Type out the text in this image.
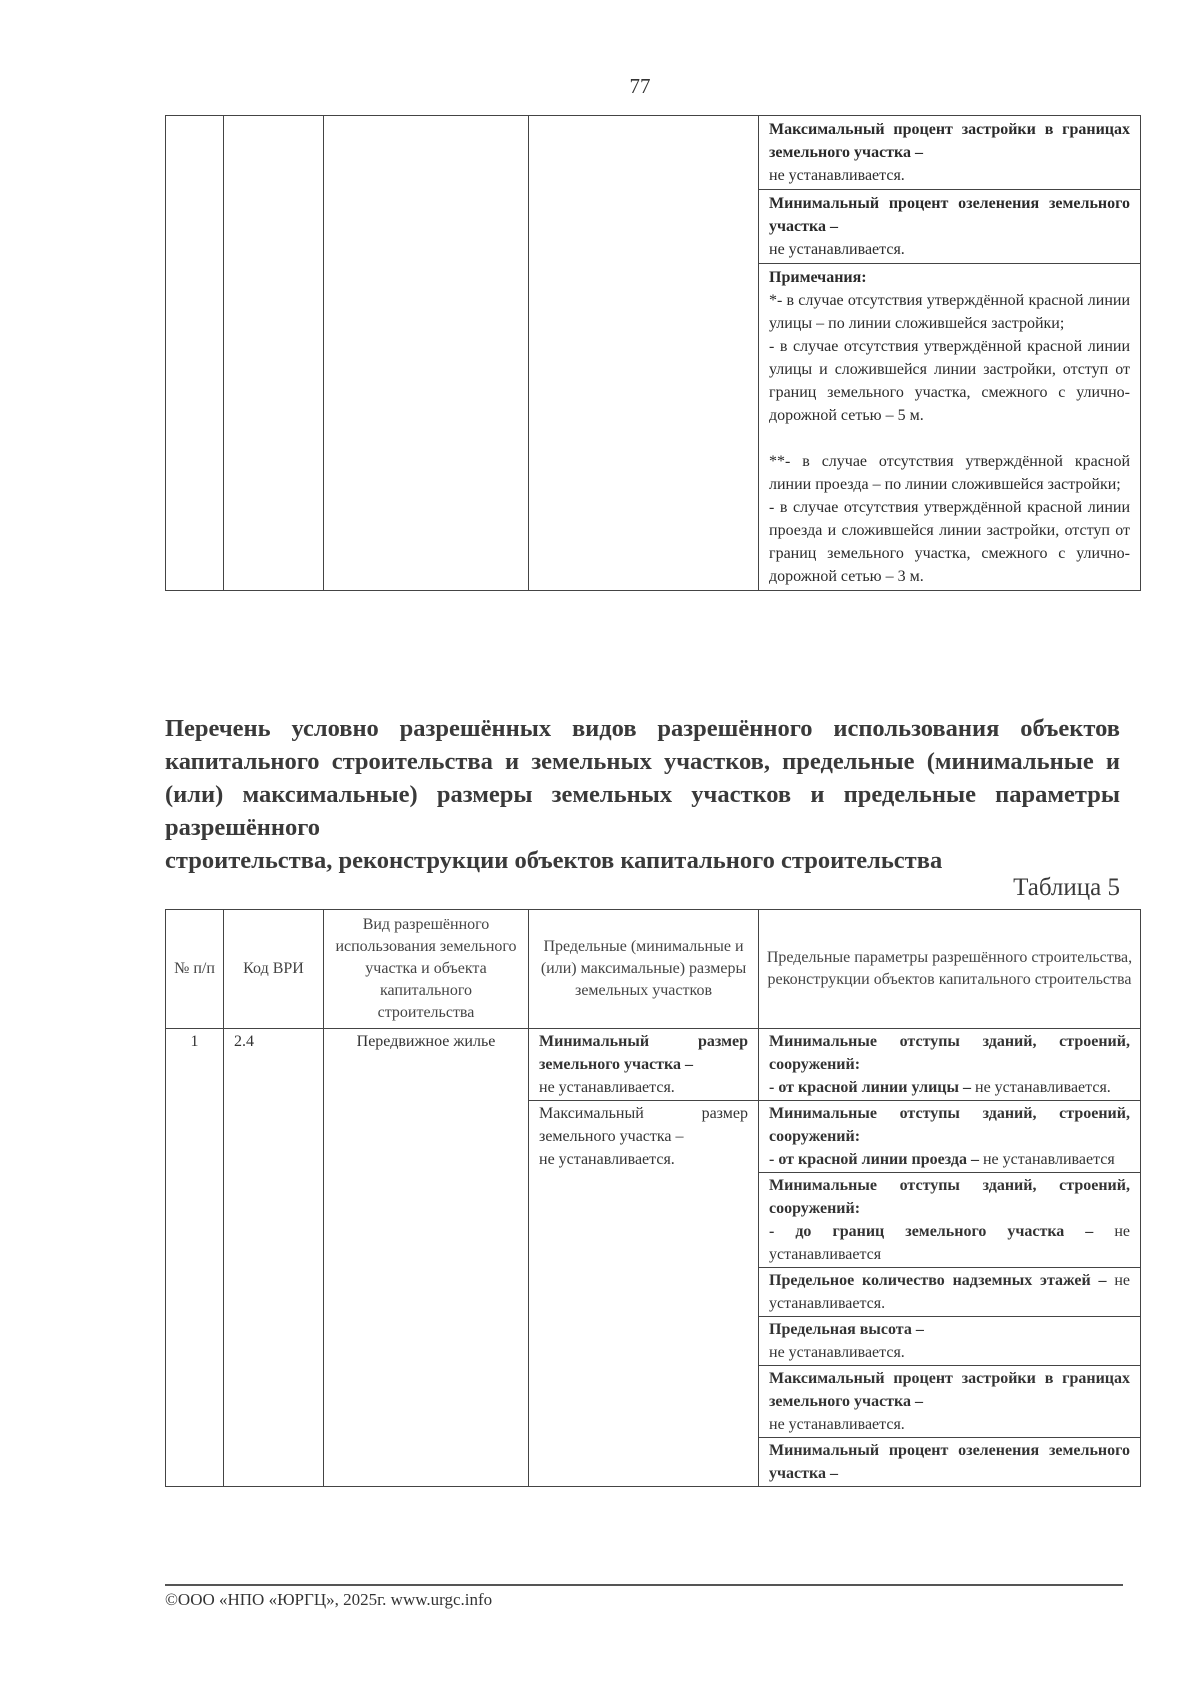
77
				Максимальный процент застройки в границах земельного участка –
не устанавливается.
Минимальный процент озеленения земельного участка –
не устанавливается.
Примечания:
*- в случае отсутствия утверждённой красной линии улицы – по линии сложившейся застройки;
- в случае отсутствия утверждённой красной линии улицы и сложившейся линии застройки, отступ от границ земельного участка, смежного с улично-дорожной сетью – 5 м.
**- в случае отсутствия утверждённой красной линии проезда – по линии сложившейся застройки;
- в случае отсутствия утверждённой красной линии проезда и сложившейся линии застройки, отступ от границ земельного участка, смежного с улично-дорожной сетью – 3 м.
Перечень условно разрешённых видов разрешённого использования объектов капитального строительства и земельных участков, предельные (минимальные и (или) максимальные) размеры земельных участков и предельные параметры разрешённого
строительства, реконструкции объектов капитального строительства
Таблица 5
№ п/п	Код ВРИ	Вид разрешённого использования земельного участка и объекта капитального строительства	Предельные (минимальные и (или) максимальные) размеры земельных участков	Предельные параметры разрешённого строительства, реконструкции объектов капитального строительства
1	2.4	Передвижное жилье	Минимальный размер земельного участка –
не устанавливается.	Минимальные отступы зданий, строений, сооружений:
- от красной линии улицы – не устанавливается.
			Максимальный размер земельного участка –
не устанавливается.	Минимальные отступы зданий, строений, сооружений:
- от красной линии проезда – не устанавливается
				Минимальные отступы зданий, строений, сооружений:
- до границ земельного участка – не устанавливается
				Предельное количество надземных этажей – не устанавливается.
				Предельная высота –
не устанавливается.
				Максимальный процент застройки в границах земельного участка –
не устанавливается.
				Минимальный процент озеленения земельного участка –
©ООО «НПО «ЮРГЦ», 2025г. www.urgc.info
